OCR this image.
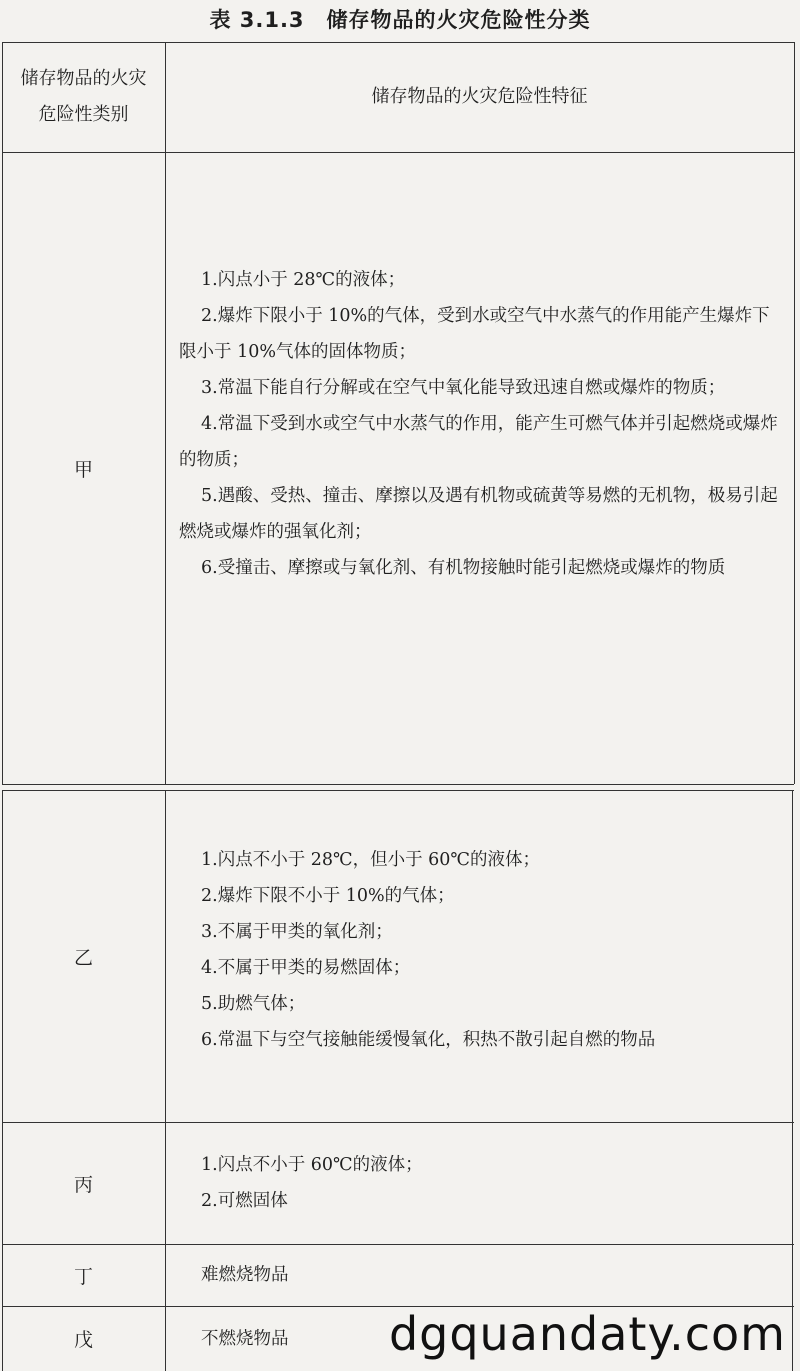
表 3.1.3　储存物品的火灾危险性分类
储存物品的火灾
危险性类别
储存物品的火灾危险性特征
甲

1.闪点小于 28℃的液体；

2.爆炸下限小于 10%的气体，受到水或空气中水蒸气的作用能产生爆炸下限小于 10%气体的固体物质；

3.常温下能自行分解或在空气中氧化能导致迅速自燃或爆炸的物质；

4.常温下受到水或空气中水蒸气的作用，能产生可燃气体并引起燃烧或爆炸的物质；

5.遇酸、受热、撞击、摩擦以及遇有机物或硫黄等易燃的无机物，极易引起燃烧或爆炸的强氧化剂；

6.受撞击、摩擦或与氧化剂、有机物接触时能引起燃烧或爆炸的物质

乙

1.闪点不小于 28℃，但小于 60℃的液体；

2.爆炸下限不小于 10%的气体；

3.不属于甲类的氧化剂；

4.不属于甲类的易燃固体；

5.助燃气体；

6.常温下与空气接触能缓慢氧化，积热不散引起自燃的物品

丙

1.闪点不小于 60℃的液体；

2.可燃固体

丁	难燃烧物品

戊	不燃烧物品 dgquandaty.com
